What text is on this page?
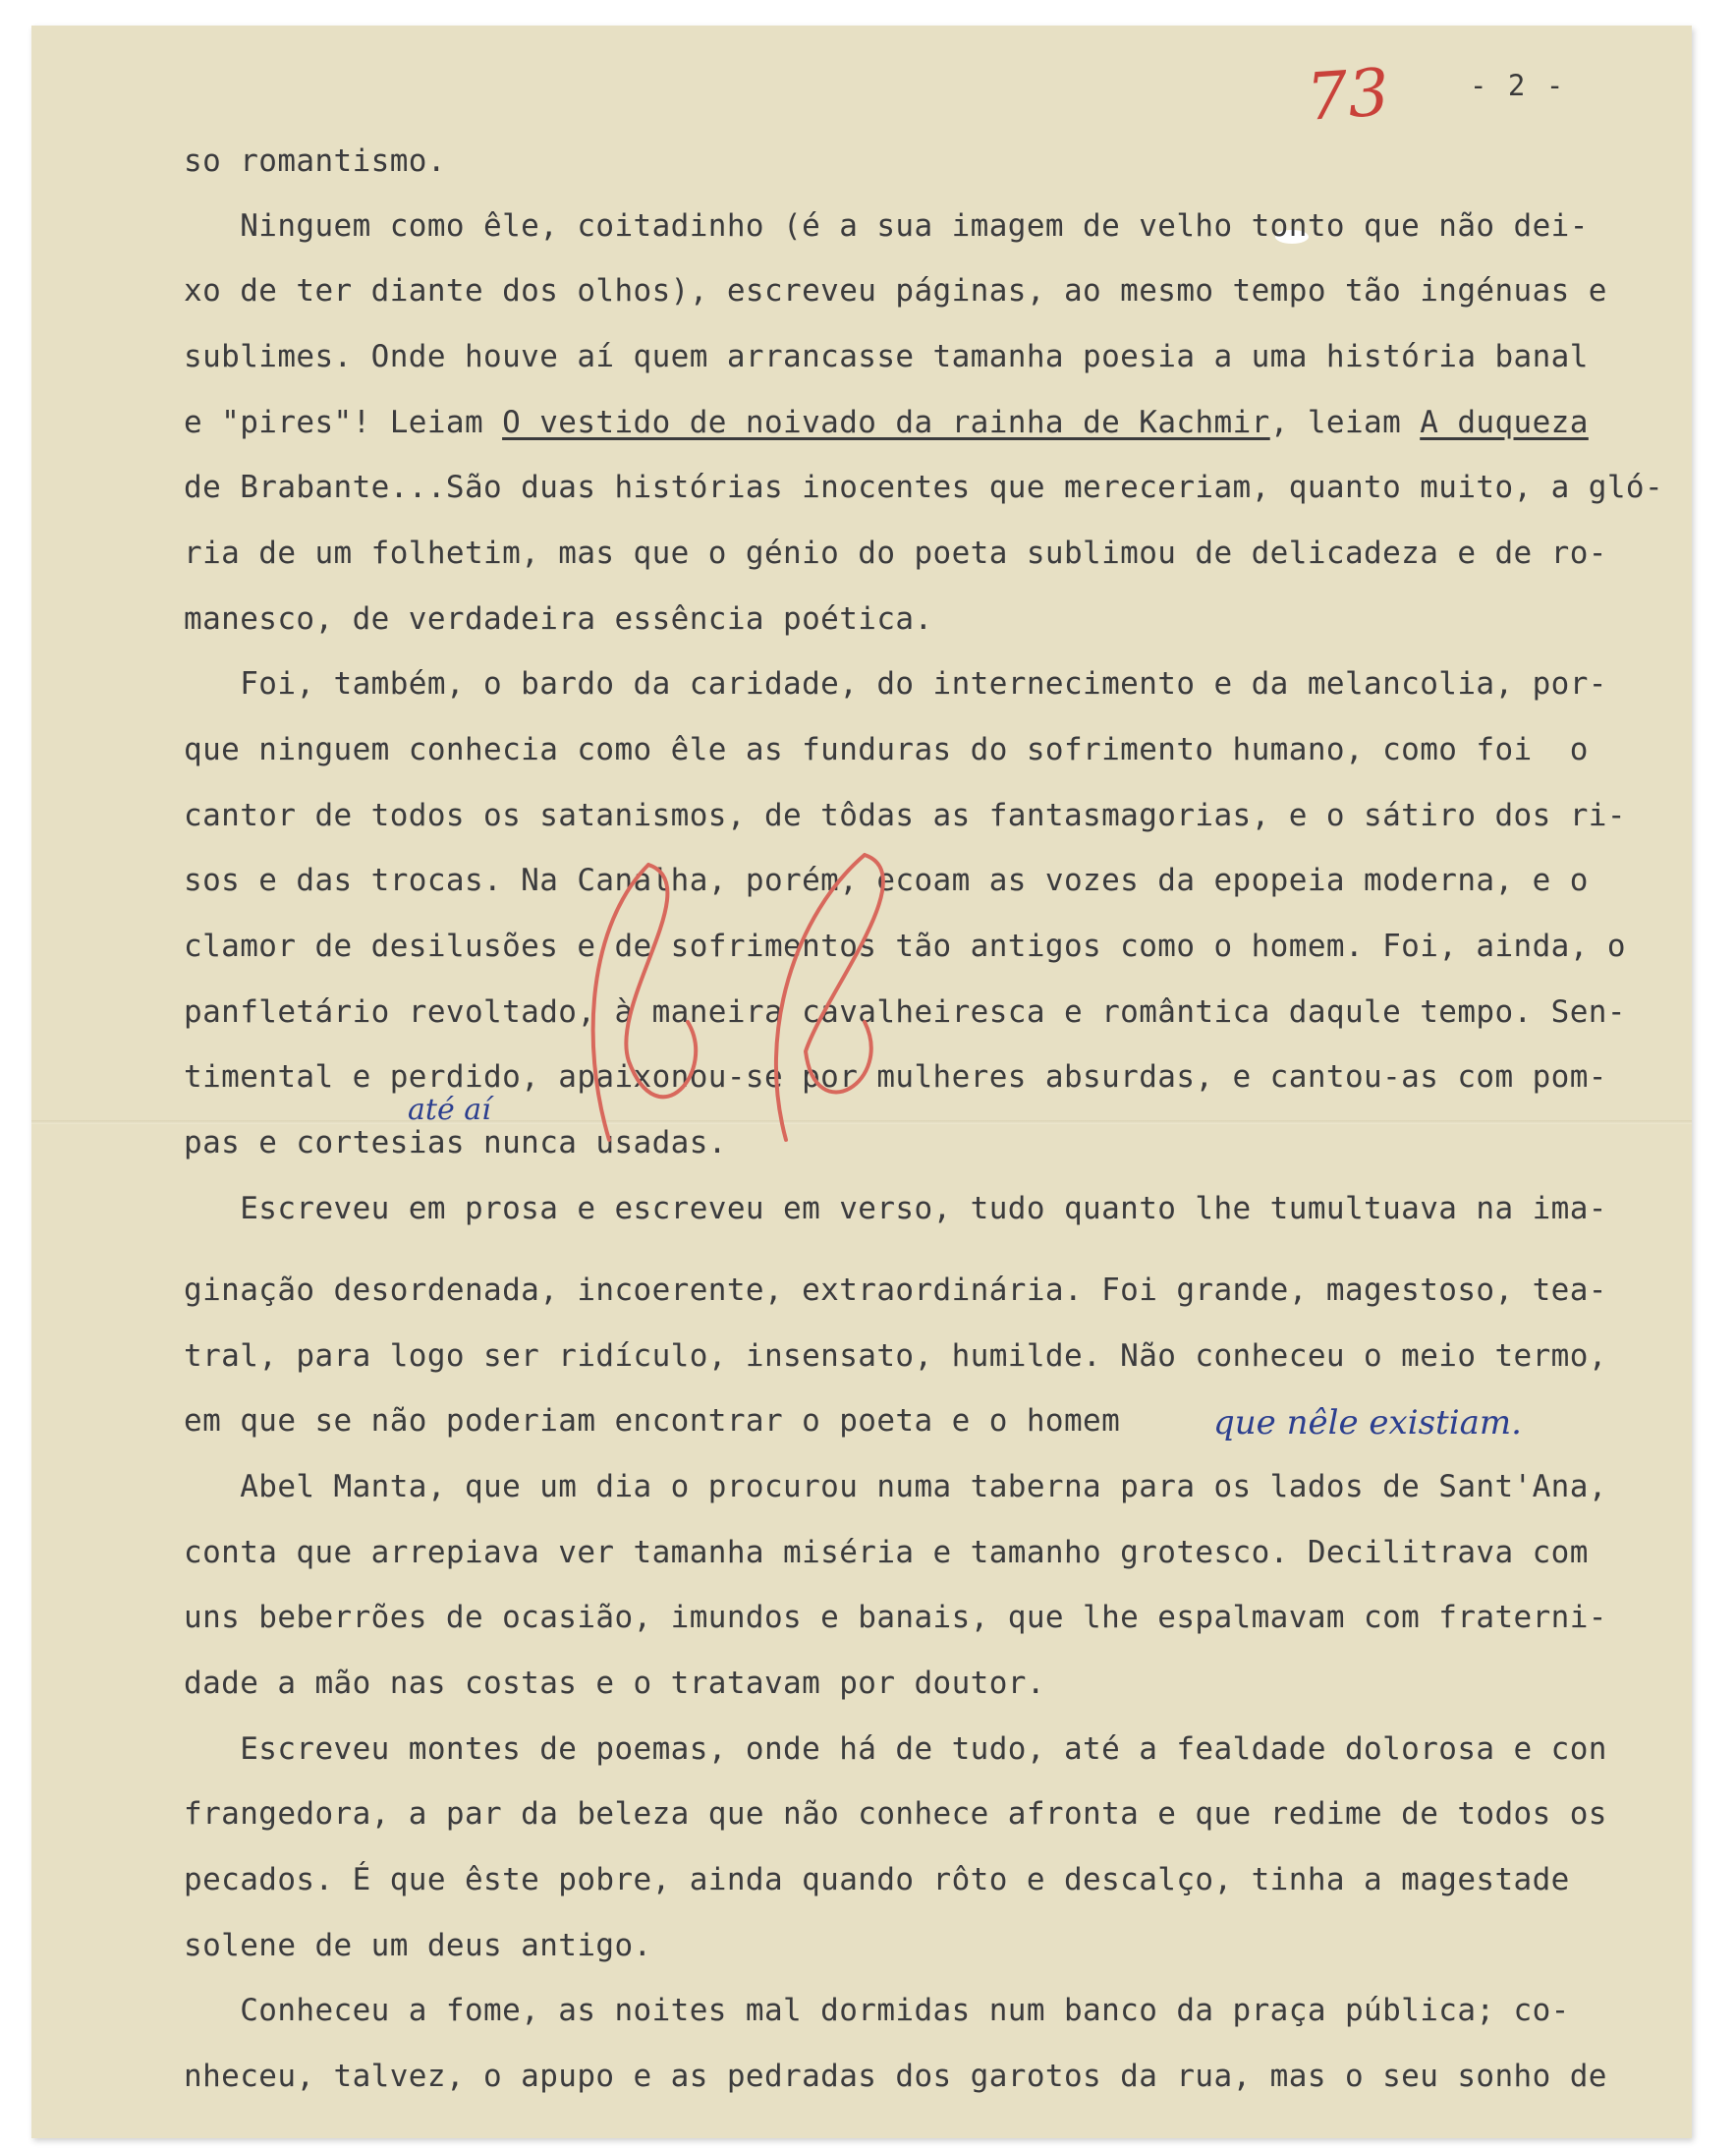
73	- 2 -
so romantismo.
Ninguem como êle, coitadinho (é a sua imagem de velho tonto que não dei-
xo de ter diante dos olhos), escreveu páginas, ao mesmo tempo tão ingénuas e
sublimes. Onde houve aí quem arrancasse tamanha poesia a uma história banal
e "pires"! Leiam O vestido de noivado da rainha de Kachmir, leiam A duqueza
de Brabante...São duas histórias inocentes que mereceriam, quanto muito, a gló-
ria de um folhetim, mas que o génio do poeta sublimou de delicadeza e de ro-
manesco, de verdadeira essência poética.
Foi, também, o bardo da caridade, do internecimento e da melancolia, por-
que ninguem conhecia como êle as funduras do sofrimento humano, como foi  o
cantor de todos os satanismos, de tôdas as fantasmagorias, e o sátiro dos ri-
sos e das trocas. Na Canalha, porém, ecoam as vozes da epopeia moderna, e o
clamor de desilusões e de sofrimentos tão antigos como o homem. Foi, ainda, o
panfletário revoltado, à maneira cavalheiresca e romântica daqule tempo. Sen-
timental e perdido, apaixonou-se por mulheres absurdas, e cantou-as com pom-
pas e cortesias nunca usadas.
Escreveu em prosa e escreveu em verso, tudo quanto lhe tumultuava na ima-
ginação desordenada, incoerente, extraordinária. Foi grande, magestoso, tea-
tral, para logo ser ridículo, insensato, humilde. Não conheceu o meio termo,
em que se não poderiam encontrar o poeta e o homem
Abel Manta, que um dia o procurou numa taberna para os lados de Sant'Ana,
conta que arrepiava ver tamanha miséria e tamanho grotesco. Decilitrava com
uns beberrões de ocasião, imundos e banais, que lhe espalmavam com fraterni-
dade a mão nas costas e o tratavam por doutor.
Escreveu montes de poemas, onde há de tudo, até a fealdade dolorosa e con
frangedora, a par da beleza que não conhece afronta e que redime de todos os
pecados. É que êste pobre, ainda quando rôto e descalço, tinha a magestade
solene de um deus antigo.
Conheceu a fome, as noites mal dormidas num banco da praça pública; co-
nheceu, talvez, o apupo e as pedradas dos garotos da rua, mas o seu sonho de
até aí
que nêle existiam.
